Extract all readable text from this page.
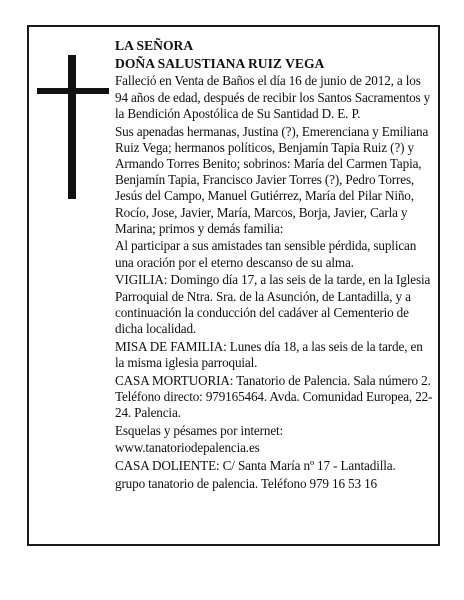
LA SEÑORA

DOÑA SALUSTIANA RUIZ VEGA

Falleció en Venta de Baños el día 16 de junio de 2012, a los 94 años de edad, después de recibir los Santos Sacramentos y la Bendición Apostólica de Su Santidad D. E. P.

Sus apenadas hermanas, Justina (?), Emerenciana y Emiliana Ruiz Vega; hermanos políticos, Benjamín Tapia Ruiz (?) y Armando Torres Benito; sobrinos: María del Carmen Tapia, Benjamín Tapia, Francisco Javier Torres (?), Pedro Torres, Jesús del Campo, Manuel Gutiérrez, María del Pilar Niño, Rocío, Jose, Javier, María, Marcos, Borja, Javier, Carla y Marina; primos y demás familia:

Al participar a sus amistades tan sensible pérdida, suplican una oración por el eterno descanso de su alma.

VIGILIA: Domingo día 17, a las seis de la tarde, en la Iglesia Parroquial de Ntra. Sra. de la Asunción, de Lantadilla, y a continuación la conducción del cadáver al Cementerio de dicha localidad.

MISA DE FAMILIA: Lunes día 18, a las seis de la tarde, en la misma iglesia parroquial.

CASA MORTUORIA: Tanatorio de Palencia. Sala número 2. Teléfono directo: 979165464. Avda. Comunidad Europea, 22-24. Palencia.

Esquelas y pésames por internet:

www.tanatoriodepalencia.es

CASA DOLIENTE: C/ Santa María nº 17 - Lantadilla.

grupo tanatorio de palencia. Teléfono 979 16 53 16
